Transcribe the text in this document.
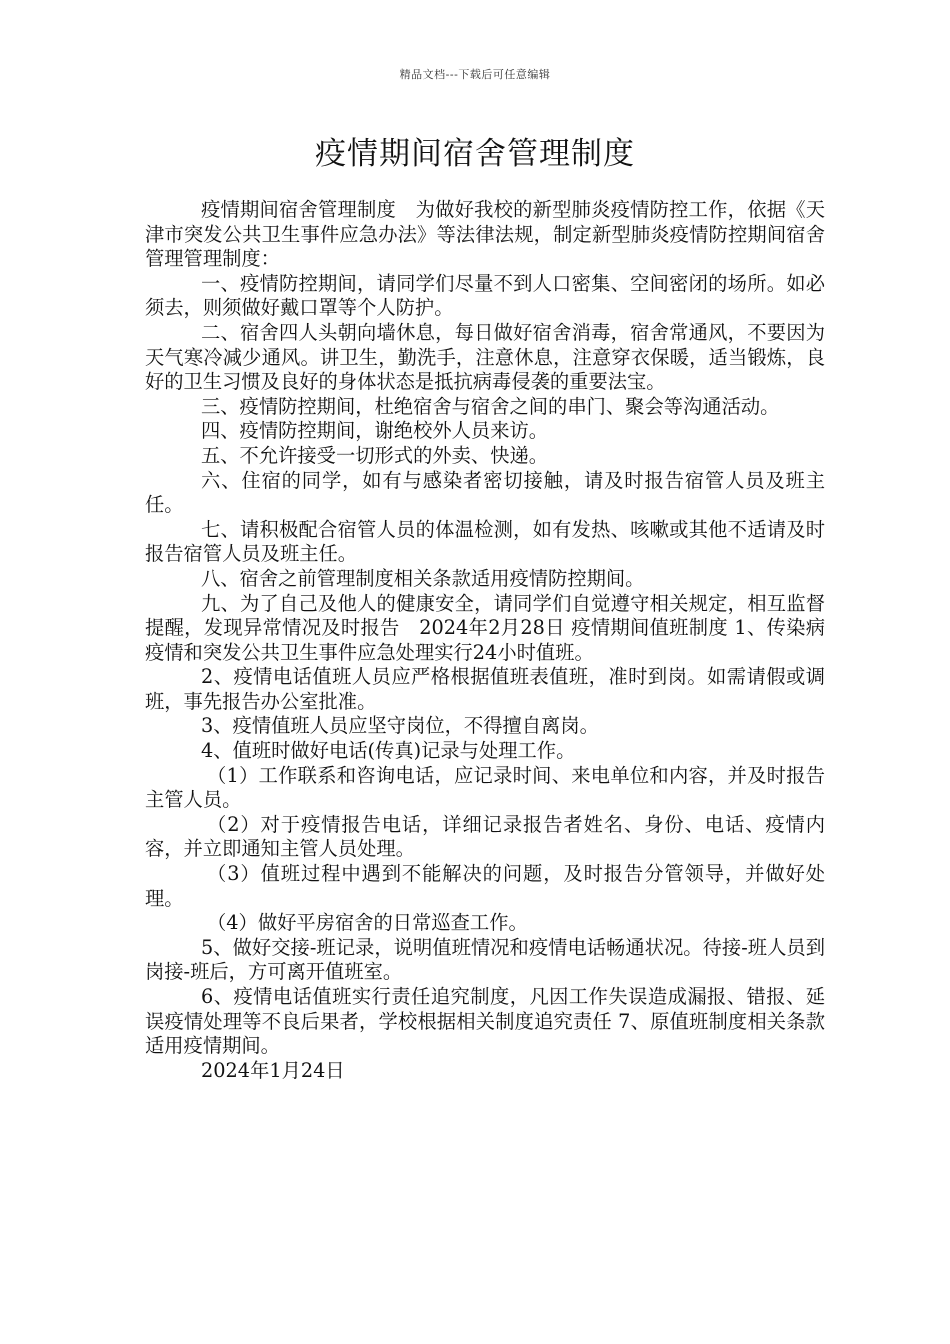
精品文档---下载后可任意编辑
疫情期间宿舍管理制度

疫情期间宿舍管理制度　为做好我校的新型肺炎疫情防控工作，依据《天津市突发公共卫生事件应急办法》等法律法规，制定新型肺炎疫情防控期间宿舍管理管理制度：

一、疫情防控期间，请同学们尽量不到人口密集、空间密闭的场所。如必须去，则须做好戴口罩等个人防护。

二、宿舍四人头朝向墙休息，每日做好宿舍消毒，宿舍常通风，不要因为天气寒冷减少通风。讲卫生，勤洗手，注意休息，注意穿衣保暖，适当锻炼，良好的卫生习惯及良好的身体状态是抵抗病毒侵袭的重要法宝。

三、疫情防控期间，杜绝宿舍与宿舍之间的串门、聚会等沟通活动。

四、疫情防控期间，谢绝校外人员来访。

五、不允许接受一切形式的外卖、快递。

六、住宿的同学，如有与感染者密切接触，请及时报告宿管人员及班主任。

七、请积极配合宿管人员的体温检测，如有发热、咳嗽或其他不适请及时报告宿管人员及班主任。

八、宿舍之前管理制度相关条款适用疫情防控期间。

九、为了自己及他人的健康安全，请同学们自觉遵守相关规定，相互监督提醒，发现异常情况及时报告　2024年2月28日 疫情期间值班制度 1、传染病疫情和突发公共卫生事件应急处理实行24小时值班。

2、疫情电话值班人员应严格根据值班表值班，准时到岗。如需请假或调班，事先报告办公室批准。

3、疫情值班人员应坚守岗位，不得擅自离岗。

4、值班时做好电话(传真)记录与处理工作。

（1）工作联系和咨询电话，应记录时间、来电单位和内容，并及时报告主管人员。

（2）对于疫情报告电话，详细记录报告者姓名、身份、电话、疫情内容，并立即通知主管人员处理。

（3）值班过程中遇到不能解决的问题，及时报告分管领导，并做好处理。

（4）做好平房宿舍的日常巡查工作。

5、做好交接-班记录，说明值班情况和疫情电话畅通状况。待接-班人员到岗接-班后，方可离开值班室。

6、疫情电话值班实行责任追究制度，凡因工作失误造成漏报、错报、延误疫情处理等不良后果者，学校根据相关制度追究责任 7、原值班制度相关条款适用疫情期间。

2024年1月24日
